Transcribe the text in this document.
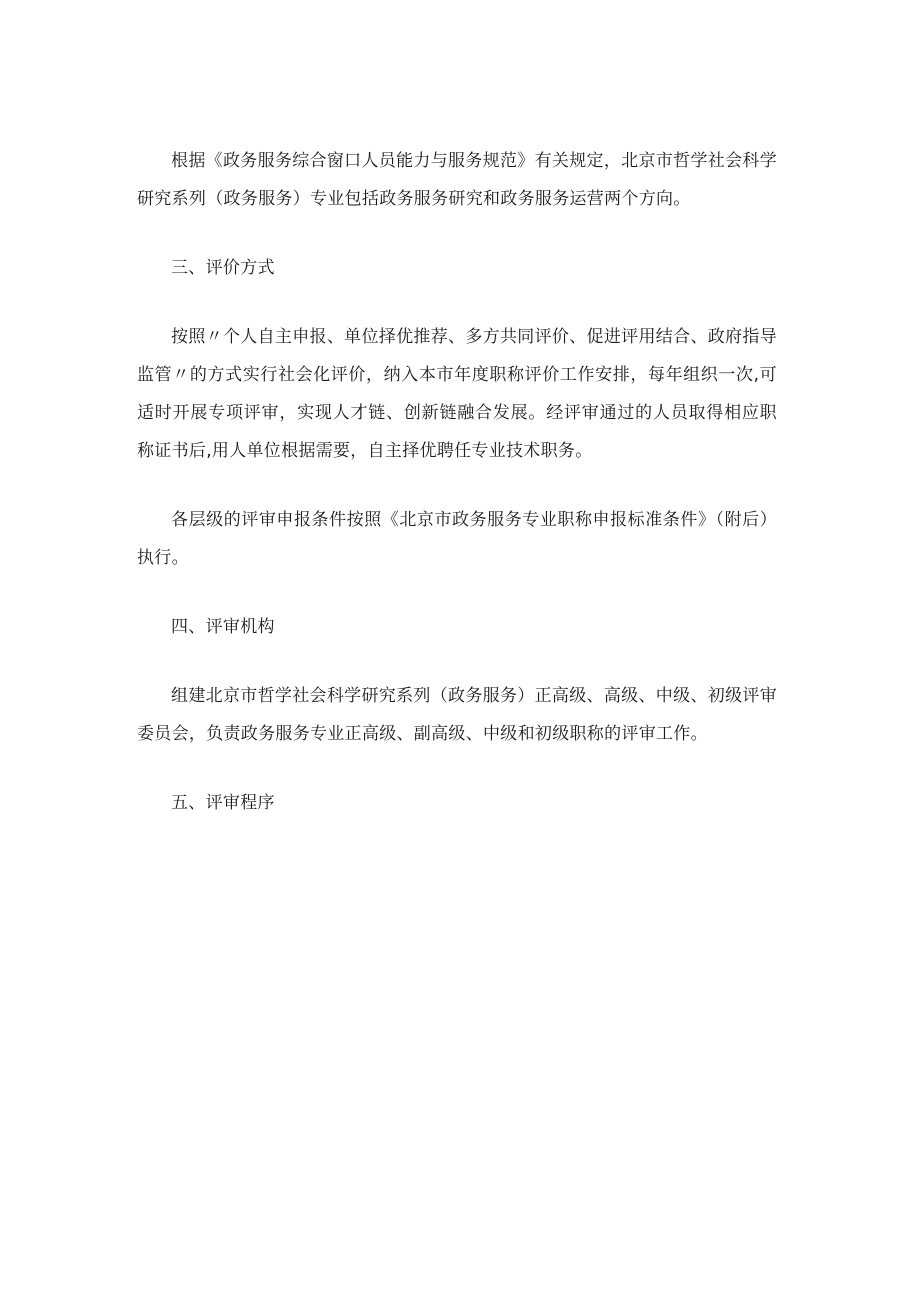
根据《政务服务综合窗口人员能力与服务规范》有关规定，北京市哲学社会科学研究系列（政务服务）专业包括政务服务研究和政务服务运营两个方向。

三、评价方式

按照〃个人自主申报、单位择优推荐、多方共同评价、促进评用结合、政府指导监管〃的方式实行社会化评价，纳入本市年度职称评价工作安排，每年组织一次,可适时开展专项评审，实现人才链、创新链融合发展。经评审通过的人员取得相应职称证书后,用人单位根据需要，自主择优聘任专业技术职务。

各层级的评审申报条件按照《北京市政务服务专业职称申报标准条件》（附后）执行。

四、评审机构

组建北京市哲学社会科学研究系列（政务服务）正高级、高级、中级、初级评审委员会，负责政务服务专业正高级、副高级、中级和初级职称的评审工作。

五、评审程序
